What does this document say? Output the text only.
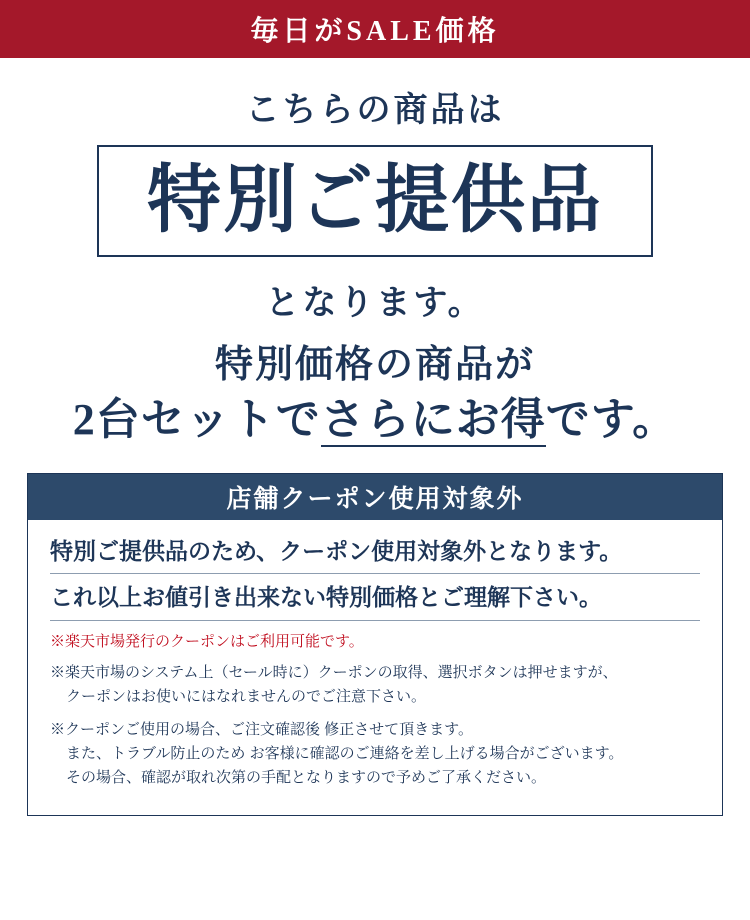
毎日がSALE価格
こちらの商品は
特別ご提供品
となります。
特別価格の商品が
2台セットでさらにお得です。
店舗クーポン使用対象外
特別ご提供品のため、クーポン使用対象外となります。
これ以上お値引き出来ない特別価格とご理解下さい。
※楽天市場発行のクーポンはご利用可能です。
※楽天市場のシステム上（セール時に）クーポンの取得、選択ボタンは押せますが、
クーポンはお使いにはなれませんのでご注意下さい。
※クーポンご使用の場合、ご注文確認後 修正させて頂きます。
また、トラブル防止のため お客様に確認のご連絡を差し上げる場合がございます。
その場合、確認が取れ次第の手配となりますので予めご了承ください。
